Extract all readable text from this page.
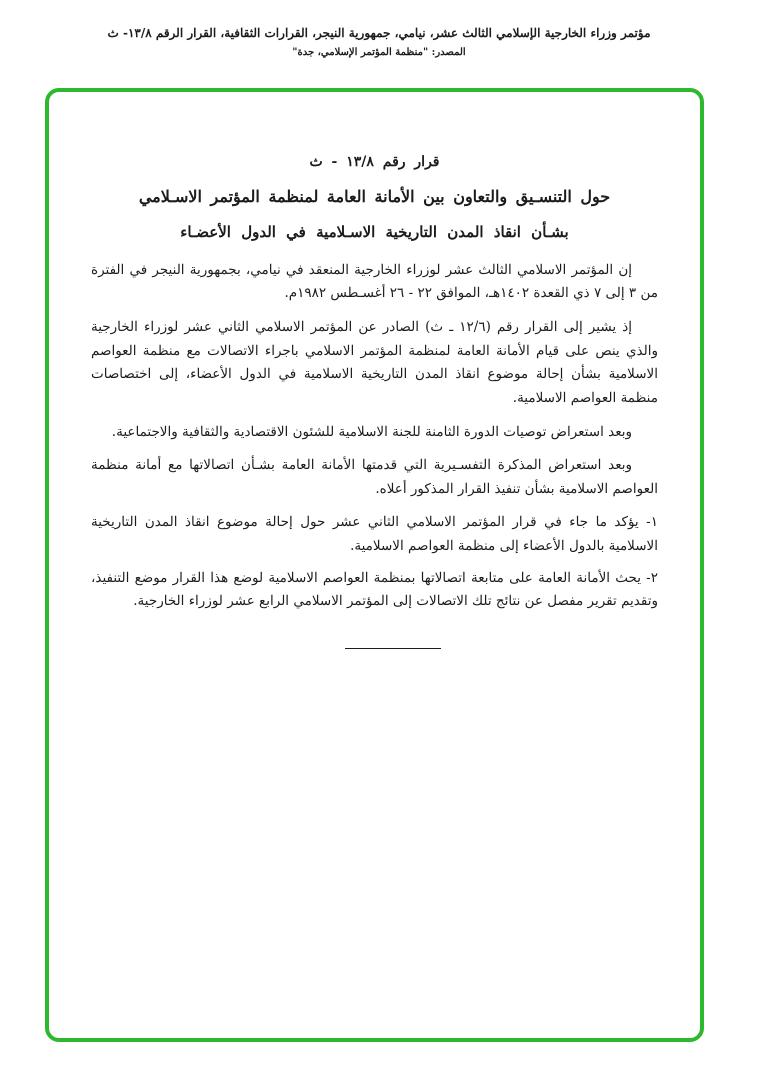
مؤتمر وزراء الخارجية الإسلامي الثالث عشر، نيامي، جمهورية النيجر، القرارات الثقافية، القرار الرقم ١٣/٨- ث
المصدر: "منظمة المؤتمر الإسلامي، جدة"
قرار رقم ١٣/٨ - ث
حول التنسـيق والتعاون بين الأمانة العامة لمنظمة المؤتمر الاسـلامي
بشـأن انقاذ المدن التاريخية الاسـلامية في الدول الأعضـاء

إن المؤتمر الاسلامي الثالث عشر لوزراء الخارجية المنعقد في نيامي، بجمهورية النيجر في الفترة من ٣ إلى ٧ ذي القعدة ١٤٠٢هـ، الموافق ٢٢ - ٢٦ أغسـطس ١٩٨٢م.

إذ يشير إلى القرار رقم (١٢/٦ ـ ث) الصادر عن المؤتمر الاسلامي الثاني عشر لوزراء الخارجية والذي ينص على قيام الأمانة العامة لمنظمة المؤتمر الاسلامي باجراء الاتصالات مع منظمة العواصم الاسلامية بشأن إحالة موضوع انقاذ المدن التاريخية الاسلامية في الدول الأعضاء، إلى اختصاصات منظمة العواصم الاسلامية.

وبعد استعراض توصيات الدورة الثامنة للجنة الاسلامية للشئون الاقتصادية والثقافية والاجتماعية.

وبعد استعراض المذكرة التفسـيرية التي قدمتها الأمانة العامة بشـأن اتصالاتها مع أمانة منظمة العواصم الاسلامية بشأن تنفيذ القرار المذكور أعلاه.

١- يؤكد ما جاء في قرار المؤتمر الاسلامي الثاني عشر حول إحالة موضوع انقاذ المدن التاريخية الاسلامية بالدول الأعضاء إلى منظمة العواصم الاسلامية.

٢- يحث الأمانة العامة على متابعة اتصالاتها بمنظمة العواصم الاسلامية لوضع هذا القرار موضع التنفيذ، وتقديم تقرير مفصل عن نتائج تلك الاتصالات إلى المؤتمر الاسلامي الرابع عشر لوزراء الخارجية.
